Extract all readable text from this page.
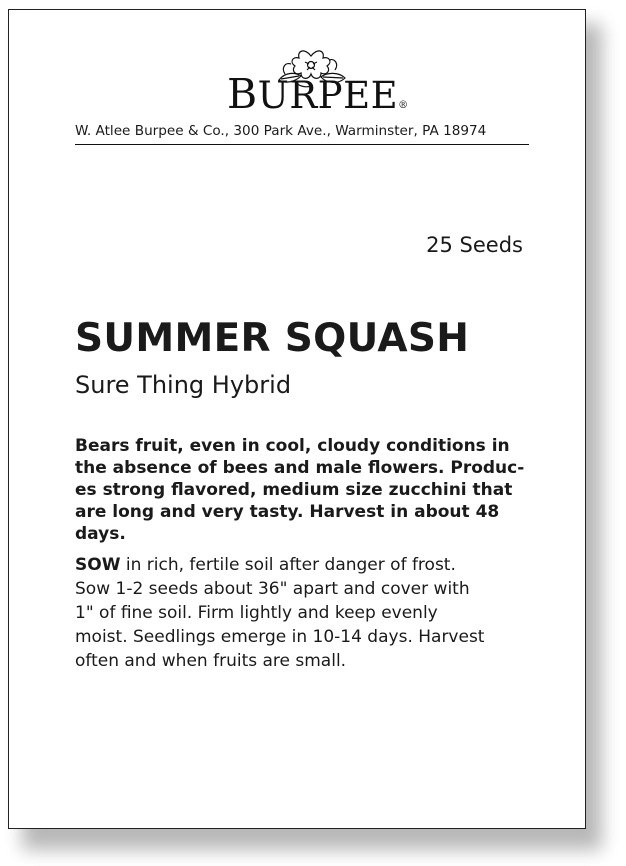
BURPEE®
W. Atlee Burpee & Co., 300 Park Ave., Warminster, PA 18974
25 Seeds
SUMMER SQUASH
Sure Thing Hybrid
Bears fruit, even in cool, cloudy conditions in
the absence of bees and male flowers. Produc-
es strong flavored, medium size zucchini that
are long and very tasty. Harvest in about 48
days.
SOW in rich, fertile soil after danger of frost.
Sow 1-2 seeds about 36" apart and cover with
1" of fine soil. Firm lightly and keep evenly
moist. Seedlings emerge in 10-14 days. Harvest
often and when fruits are small.
